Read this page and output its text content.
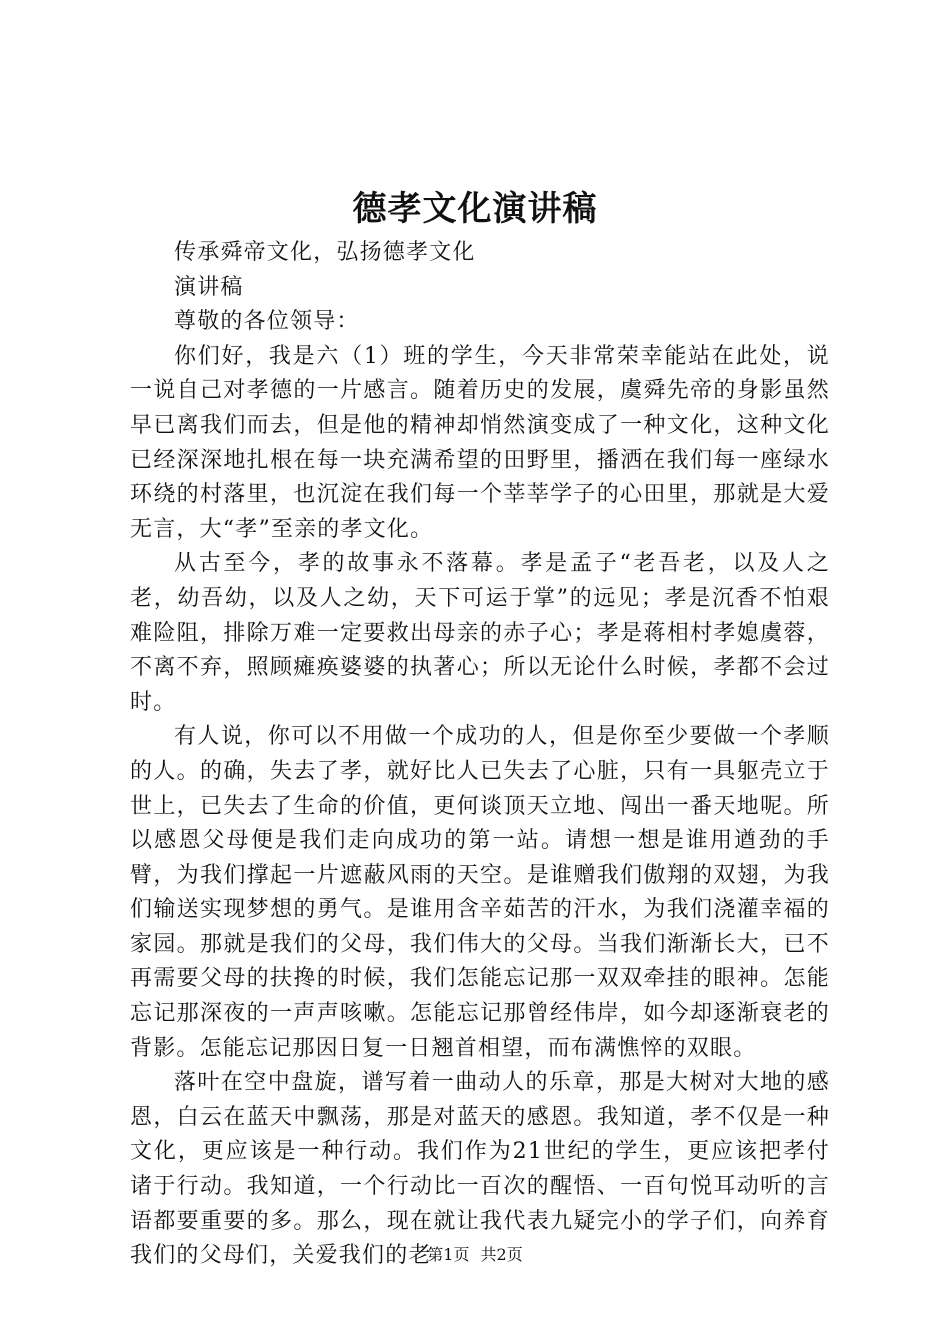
德孝文化演讲稿

传承舜帝文化，弘扬德孝文化

演讲稿

尊敬的各位领导：

你们好，我是六（1）班的学生，今天非常荣幸能站在此处，说一说自己对孝德的一片感言。随着历史的发展，虞舜先帝的身影虽然早已离我们而去，但是他的精神却悄然演变成了一种文化，这种文化已经深深地扎根在每一块充满希望的田野里，播洒在我们每一座绿水环绕的村落里，也沉淀在我们每一个莘莘学子的心田里，那就是大爱无言，大“孝”至亲的孝文化。

从古至今，孝的故事永不落幕。孝是孟子“老吾老，以及人之老，幼吾幼，以及人之幼，天下可运于掌”的远见；孝是沉香不怕艰难险阻，排除万难一定要救出母亲的赤子心；孝是蒋相村孝媳虞蓉，不离不弃，照顾瘫痪婆婆的执著心；所以无论什么时候，孝都不会过时。

有人说，你可以不用做一个成功的人，但是你至少要做一个孝顺的人。的确，失去了孝，就好比人已失去了心脏，只有一具躯壳立于世上，已失去了生命的价值，更何谈顶天立地、闯出一番天地呢。所以感恩父母便是我们走向成功的第一站。请想一想是谁用遒劲的手臂，为我们撑起一片遮蔽风雨的天空。是谁赠我们傲翔的双翅，为我们输送实现梦想的勇气。是谁用含辛茹苦的汗水，为我们浇灌幸福的家园。那就是我们的父母，我们伟大的父母。当我们渐渐长大，已不再需要父母的扶搀的时候，我们怎能忘记那一双双牵挂的眼神。怎能忘记那深夜的一声声咳嗽。怎能忘记那曾经伟岸，如今却逐渐衰老的背影。怎能忘记那因日复一日翘首相望，而布满憔悴的双眼。

落叶在空中盘旋，谱写着一曲动人的乐章，那是大树对大地的感恩，白云在蓝天中飘荡，那是对蓝天的感恩。我知道，孝不仅是一种文化，更应该是一种行动。我们作为21世纪的学生，更应该把孝付诸于行动。我知道，一个行动比一百次的醒悟、一百句悦耳动听的言语都要重要的多。那么，现在就让我代表九疑完小的学子们，向养育我们的父母们，关爱我们的老

第1页 共2页
